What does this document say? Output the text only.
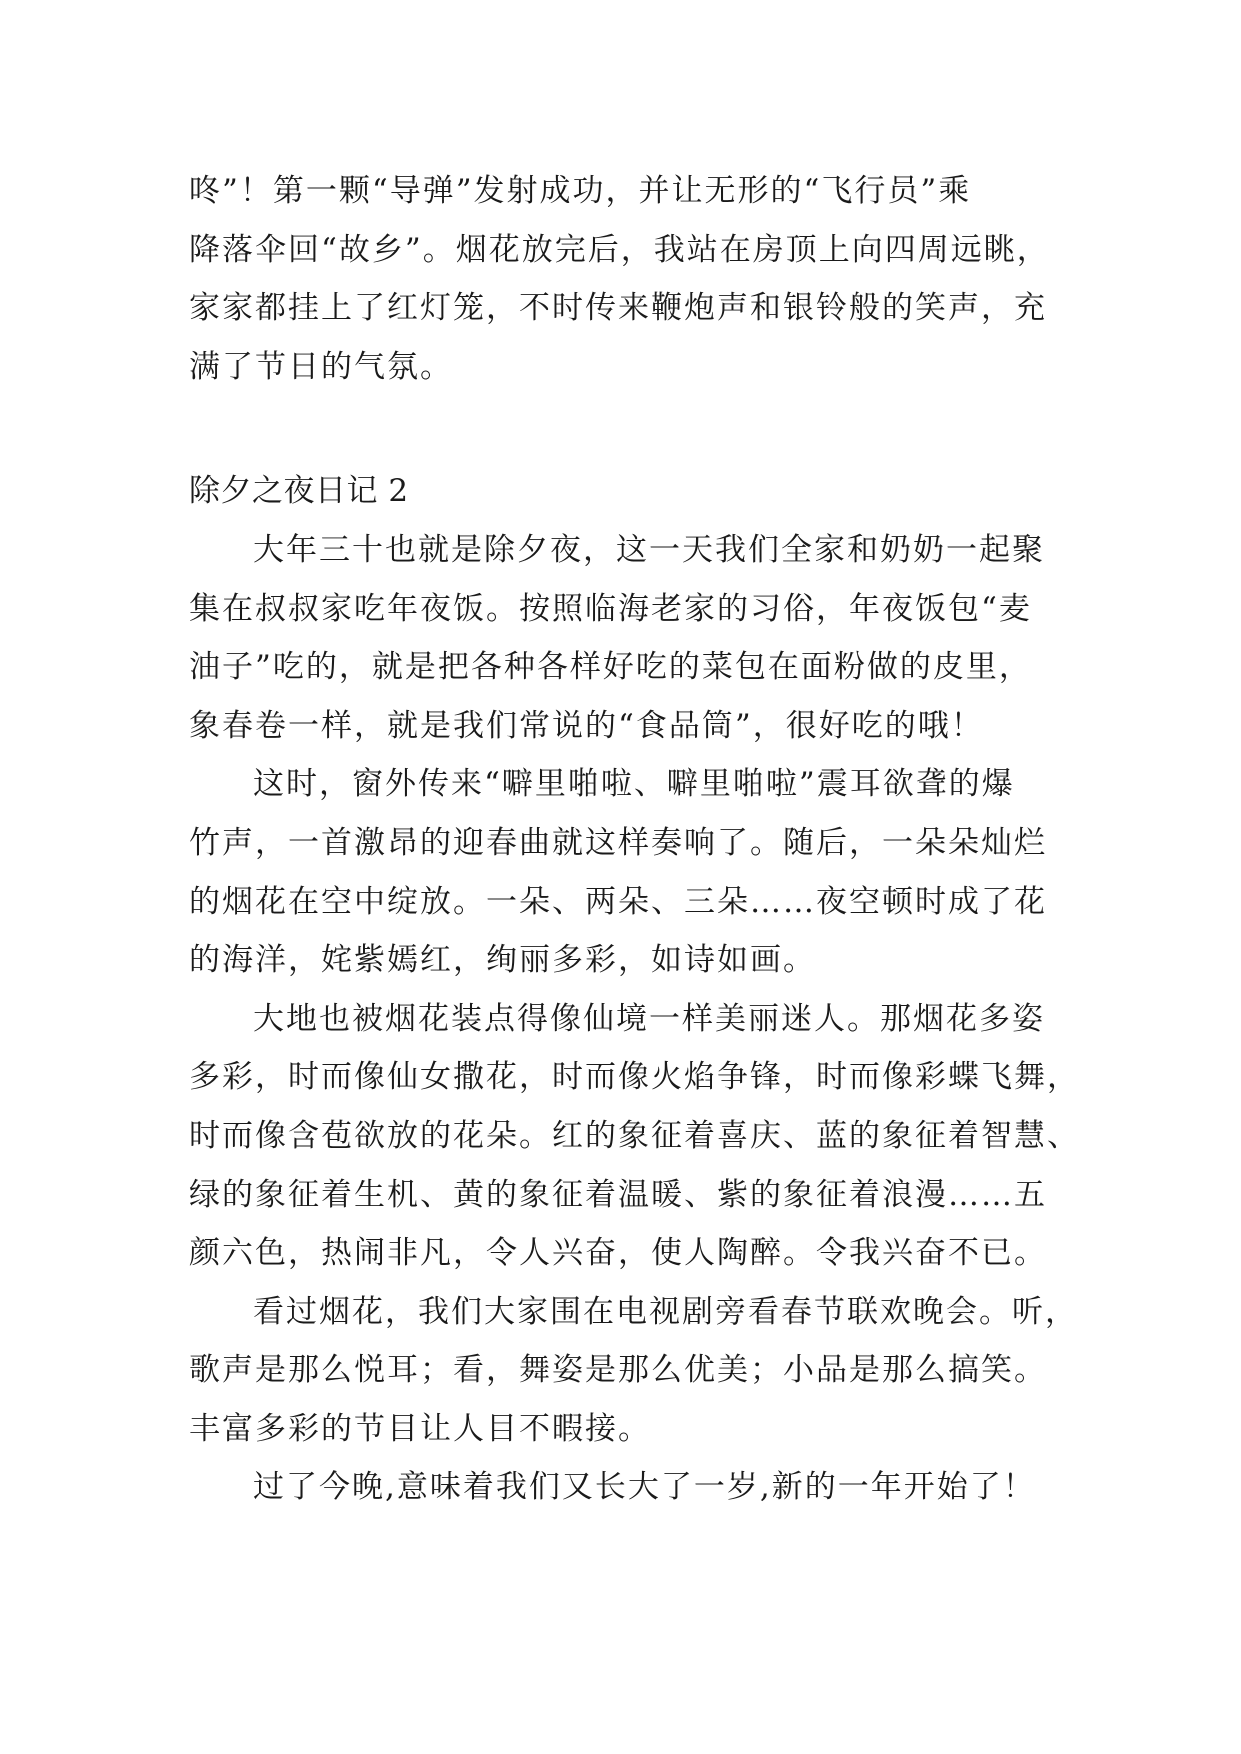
咚”！第一颗“导弹”发射成功，并让无形的“飞行员”乘
降落伞回“故乡”。烟花放完后，我站在房顶上向四周远眺，
家家都挂上了红灯笼，不时传来鞭炮声和银铃般的笑声，充
满了节日的气氛。
除夕之夜日记 2
大年三十也就是除夕夜，这一天我们全家和奶奶一起聚
集在叔叔家吃年夜饭。按照临海老家的习俗，年夜饭包“麦
油子”吃的，就是把各种各样好吃的菜包在面粉做的皮里，
象春卷一样，就是我们常说的“食品筒”，很好吃的哦！
这时，窗外传来“噼里啪啦、噼里啪啦”震耳欲聋的爆
竹声，一首激昂的迎春曲就这样奏响了。随后，一朵朵灿烂
的烟花在空中绽放。一朵、两朵、三朵……夜空顿时成了花
的海洋，姹紫嫣红，绚丽多彩，如诗如画。
大地也被烟花装点得像仙境一样美丽迷人。那烟花多姿
多彩，时而像仙女撒花，时而像火焰争锋，时而像彩蝶飞舞，
时而像含苞欲放的花朵。红的象征着喜庆、蓝的象征着智慧、
绿的象征着生机、黄的象征着温暖、紫的象征着浪漫……五
颜六色，热闹非凡，令人兴奋，使人陶醉。令我兴奋不已。
看过烟花，我们大家围在电视剧旁看春节联欢晚会。听，
歌声是那么悦耳；看，舞姿是那么优美；小品是那么搞笑。
丰富多彩的节目让人目不暇接。
过了今晚,意味着我们又长大了一岁,新的一年开始了！
